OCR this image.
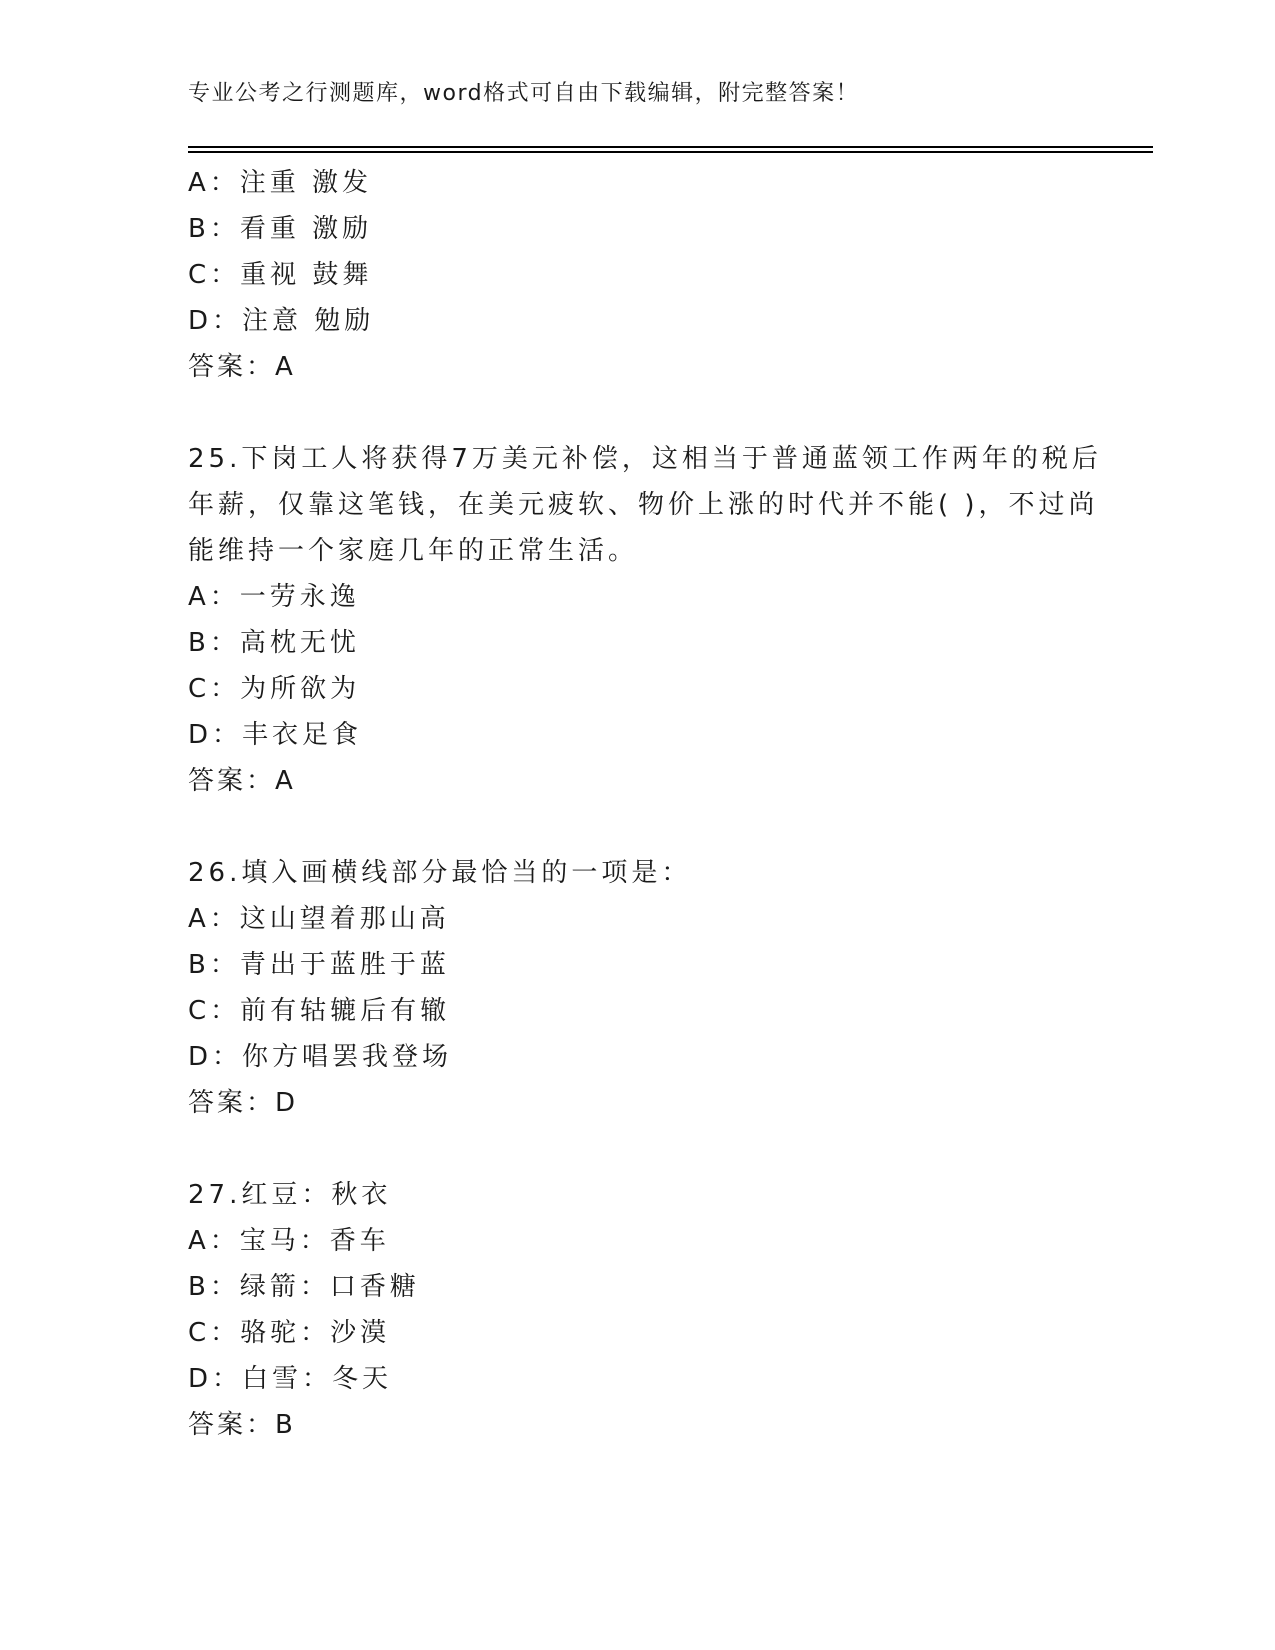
专业公考之行测题库，word格式可自由下载编辑，附完整答案！
A：注重 激发
B：看重 激励
C：重视 鼓舞
D：注意 勉励
答案：A
25.下岗工人将获得7万美元补偿，这相当于普通蓝领工作两年的税后
年薪，仅靠这笔钱，在美元疲软、物价上涨的时代并不能( )，不过尚
能维持一个家庭几年的正常生活。
A：一劳永逸
B：高枕无忧
C：为所欲为
D：丰衣足食
答案：A
26.填入画横线部分最恰当的一项是：
A：这山望着那山高
B：青出于蓝胜于蓝
C：前有轱辘后有辙
D：你方唱罢我登场
答案：D
27.红豆：秋衣
A：宝马：香车
B：绿箭：口香糖
C：骆驼：沙漠
D：白雪：冬天
答案：B
